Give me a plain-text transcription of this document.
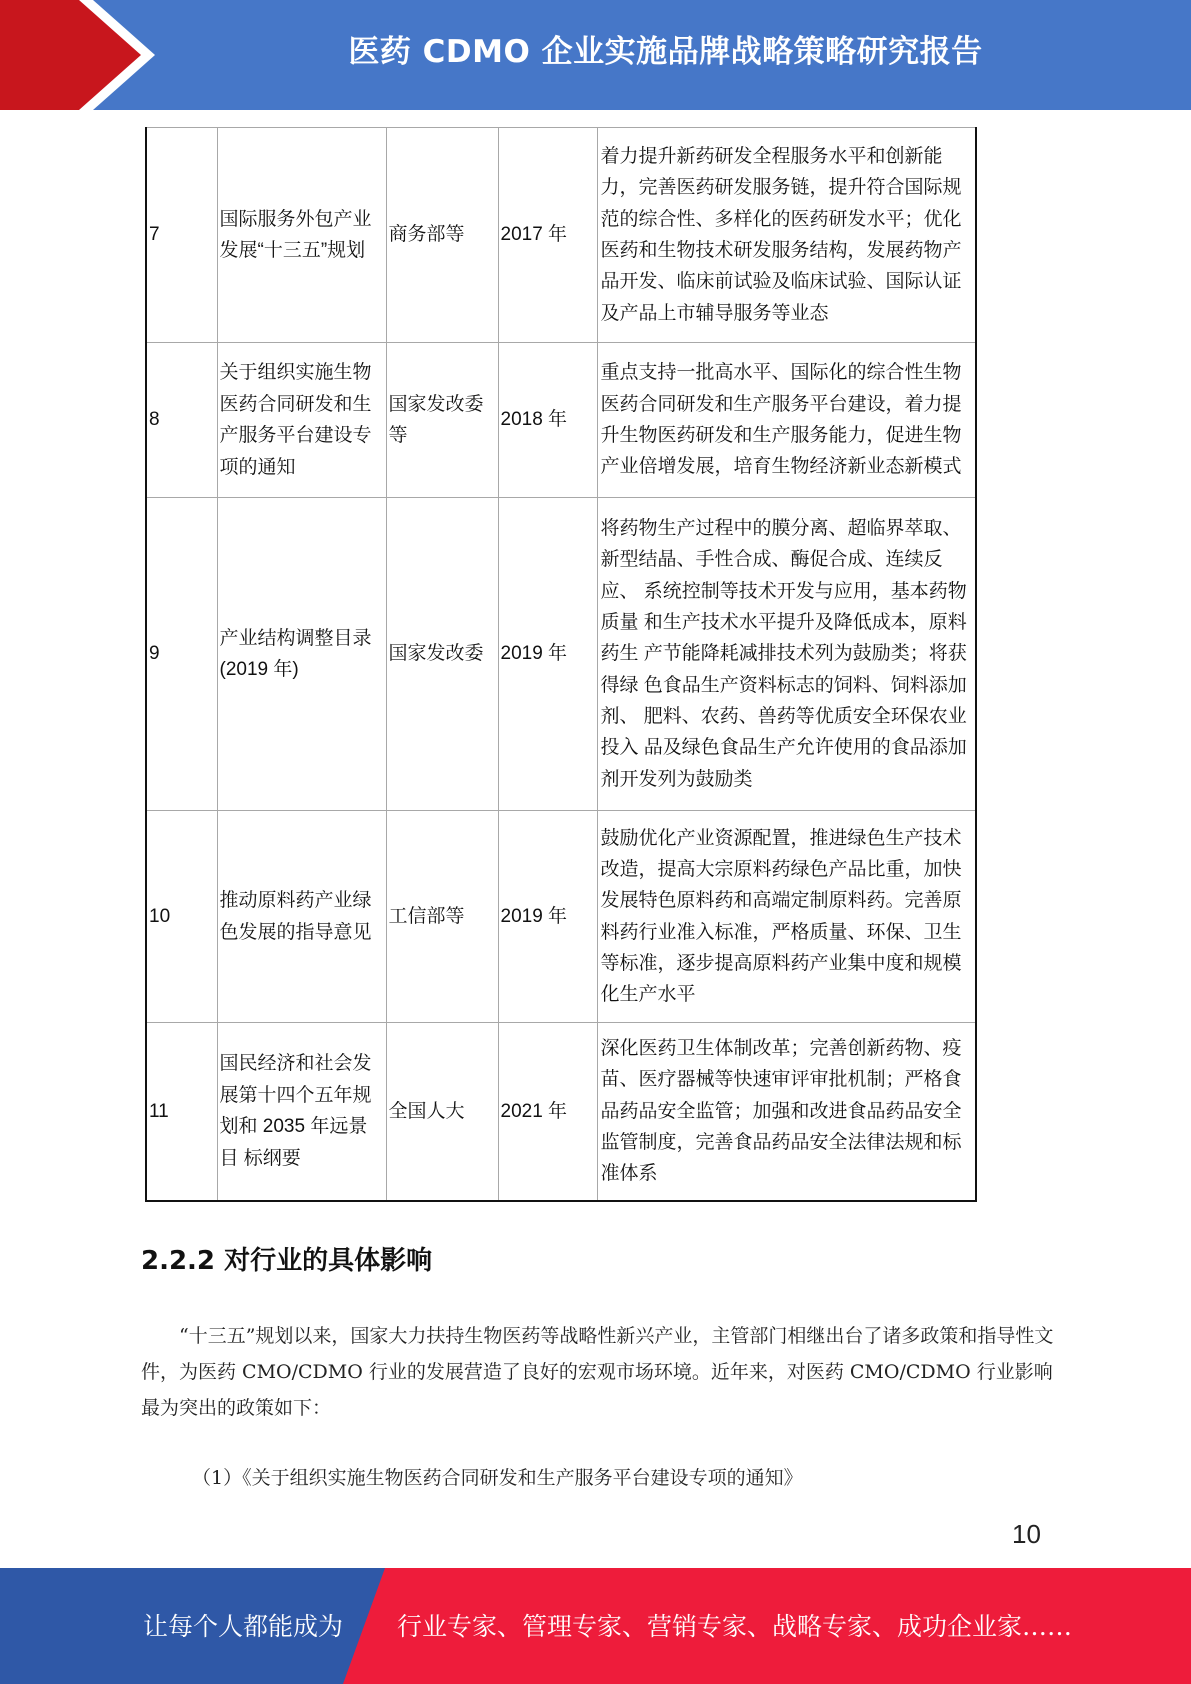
医药 CDMO 企业实施品牌战略策略研究报告
7	国际服务外包产业发展“十三五”规划	商务部等	2017 年	着力提升新药研发全程服务水平和创新能 力，完善医药研发服务链，提升符合国际规 范的综合性、多样化的医药研发水平；优化 医药和生物技术研发服务结构，发展药物产 品开发、临床前试验及临床试验、国际认证 及产品上市辅导服务等业态
8	关于组织实施生物医药合同研发和生产服务平台建设专项的通知	国家发改委等	2018 年	重点支持一批高水平、国际化的综合性生物 医药合同研发和生产服务平台建设，着力提 升生物医药研发和生产服务能力，促进生物 产业倍增发展，培育生物经济新业态新模式
9	产业结构调整目录(2019 年)	国家发改委	2019 年	将药物生产过程中的膜分离、超临界萃取、 新型结晶、手性合成、酶促合成、连续反应、 系统控制等技术开发与应用，基本药物质量 和生产技术水平提升及降低成本，原料药生 产节能降耗减排技术列为鼓励类；将获得绿 色食品生产资料标志的饲料、饲料添加剂、 肥料、农药、兽药等优质安全环保农业投入 品及绿色食品生产允许使用的食品添加剂开发列为鼓励类
10	推动原料药产业绿色发展的指导意见	工信部等	2019 年	鼓励优化产业资源配置，推进绿色生产技术 改造，提高大宗原料药绿色产品比重，加快 发展特色原料药和高端定制原料药。完善原 料药行业准入标准，严格质量、环保、卫生 等标准，逐步提高原料药产业集中度和规模 化生产水平
11	国民经济和社会发展第十四个五年规划和 2035 年远景目 标纲要	全国人大	2021 年	深化医药卫生体制改革；完善创新药物、疫 苗、医疗器械等快速审评审批机制；严格食 品药品安全监管；加强和改进食品药品安全 监管制度，完善食品药品安全法律法规和标 准体系
2.2.2 对行业的具体影响

“十三五”规划以来，国家大力扶持生物医药等战略性新兴产业，主管部门相继出台了诸多政策和指导性文件，为医药 CMO/CDMO 行业的发展营造了良好的宏观市场环境。近年来，对医药 CMO/CDMO 行业影响最为突出的政策如下：

（1）《关于组织实施生物医药合同研发和生产服务平台建设专项的通知》
10
让每个人都能成为 行业专家、管理专家、营销专家、战略专家、成功企业家……
